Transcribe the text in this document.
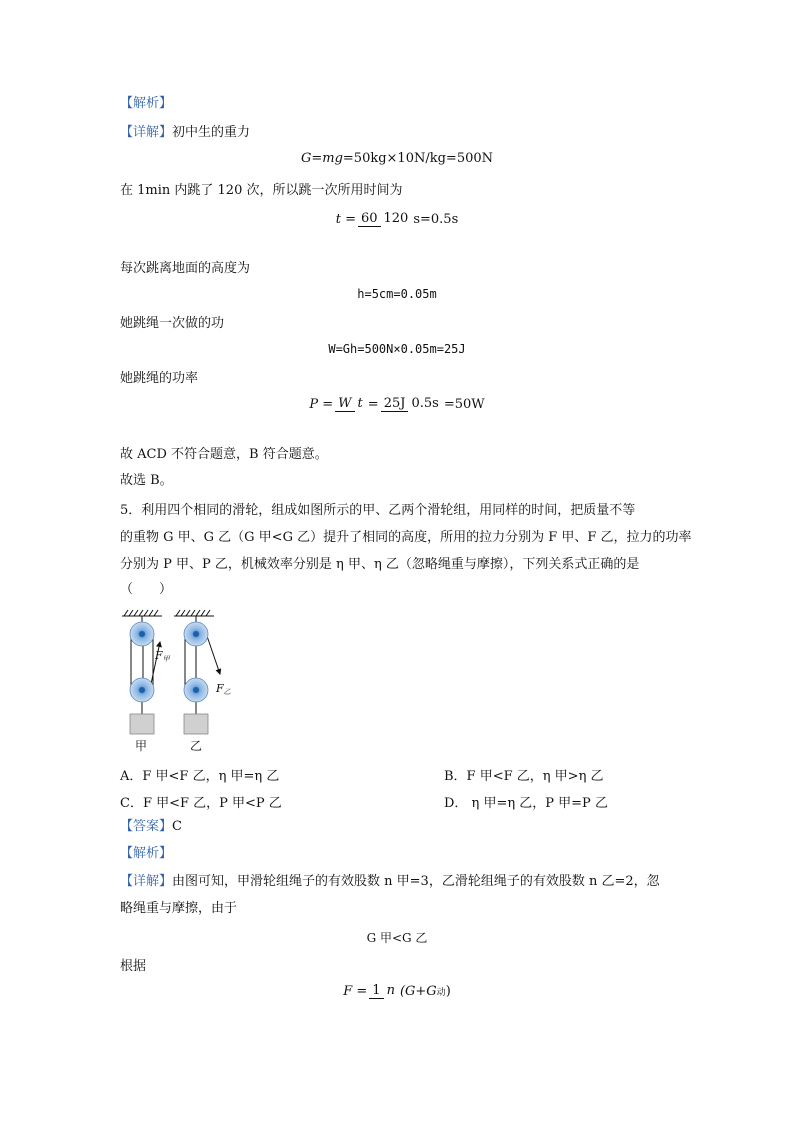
【解析】
【详解】初中生的重力
G=mg=50kg×10N/kg=500N
在 1min 内跳了 120 次，所以跳一次所用时间为
t = 60 120 s=0.5s
每次跳离地面的高度为
h=5cm=0.05m
她跳绳一次做的功
W=Gh=500N×0.05m=25J
她跳绳的功率
P = W t = 25J 0.5s =50W
故 ACD 不符合题意，B 符合题意。
故选 B。
5．利用四个相同的滑轮，组成如图所示的甲、乙两个滑轮组，用同样的时间，把质量不等
的重物 G 甲、G 乙（G 甲<G 乙）提升了相同的高度，所用的拉力分别为 F 甲、F 乙，拉力的功率
分别为 P 甲、P 乙，机械效率分别是 η 甲、η 乙（忽略绳重与摩擦），下列关系式正确的是
（　　）
F甲
甲
F乙
乙
A．F 甲<F 乙，η 甲=η 乙	B．F 甲<F 乙，η 甲>η 乙
C．F 甲<F 乙，P 甲<P 乙	D． η 甲=η 乙，P 甲=P 乙
【答案】C
【解析】
【详解】由图可知，甲滑轮组绳子的有效股数 n 甲=3，乙滑轮组绳子的有效股数 n 乙=2，忽
略绳重与摩擦，由于
G 甲<G 乙
根据
F = 1 n (G+G 动 )
